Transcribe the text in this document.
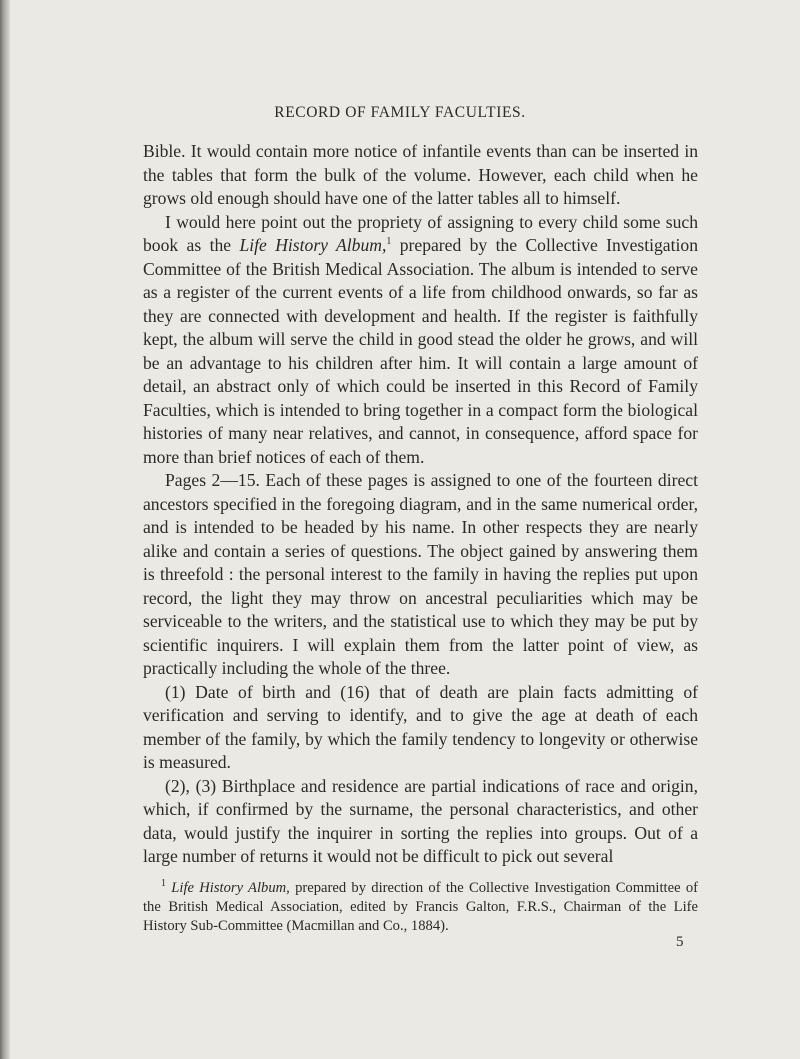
RECORD OF FAMILY FACULTIES.

Bible. It would contain more notice of infantile events than can be inserted in the tables that form the bulk of the volume. However, each child when he grows old enough should have one of the latter tables all to himself.

I would here point out the propriety of assigning to every child some such book as the Life History Album,$^1$ prepared by the Collective Investigation Committee of the British Medical Association. The album is intended to serve as a register of the current events of a life from childhood onwards, so far as they are connected with development and health. If the register is faithfully kept, the album will serve the child in good stead the older he grows, and will be an advantage to his children after him. It will contain a large amount of detail, an abstract only of which could be inserted in this Record of Family Faculties, which is intended to bring together in a compact form the biological histories of many near relatives, and cannot, in consequence, afford space for more than brief notices of each of them.

Pages 2—15. Each of these pages is assigned to one of the fourteen direct ancestors specified in the foregoing diagram, and in the same numerical order, and is intended to be headed by his name. In other respects they are nearly alike and contain a series of questions. The object gained by answering them is threefold : the personal interest to the family in having the replies put upon record, the light they may throw on ancestral peculiarities which may be serviceable to the writers, and the statistical use to which they may be put by scientific inquirers. I will explain them from the latter point of view, as practically including the whole of the three.

(1) Date of birth and (16) that of death are plain facts admitting of verification and serving to identify, and to give the age at death of each member of the family, by which the family tendency to longevity or otherwise is measured.

(2), (3) Birthplace and residence are partial indications of race and origin, which, if confirmed by the surname, the personal characteristics, and other data, would justify the inquirer in sorting the replies into groups. Out of a large number of returns it would not be difficult to pick out several

$^1$ Life History Album, prepared by direction of the Collective Investigation Committee of the British Medical Association, edited by Francis Galton, F.R.S., Chairman of the Life History Sub-Committee (Macmillan and Co., 1884).

5
